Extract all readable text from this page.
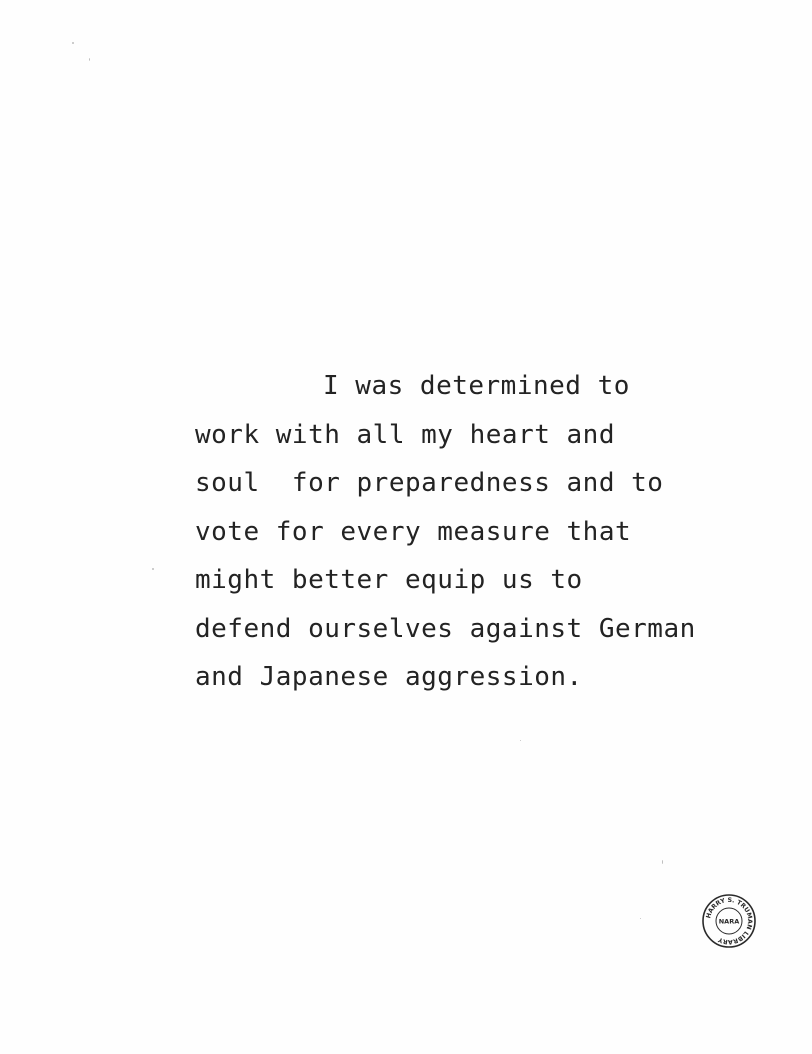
I was determined to
work with all my heart and
soul  for preparedness and to
vote for every measure that
might better equip us to
defend ourselves against German
and Japanese aggression.
HARRY S. TRUMAN LIBRARY
NARA
